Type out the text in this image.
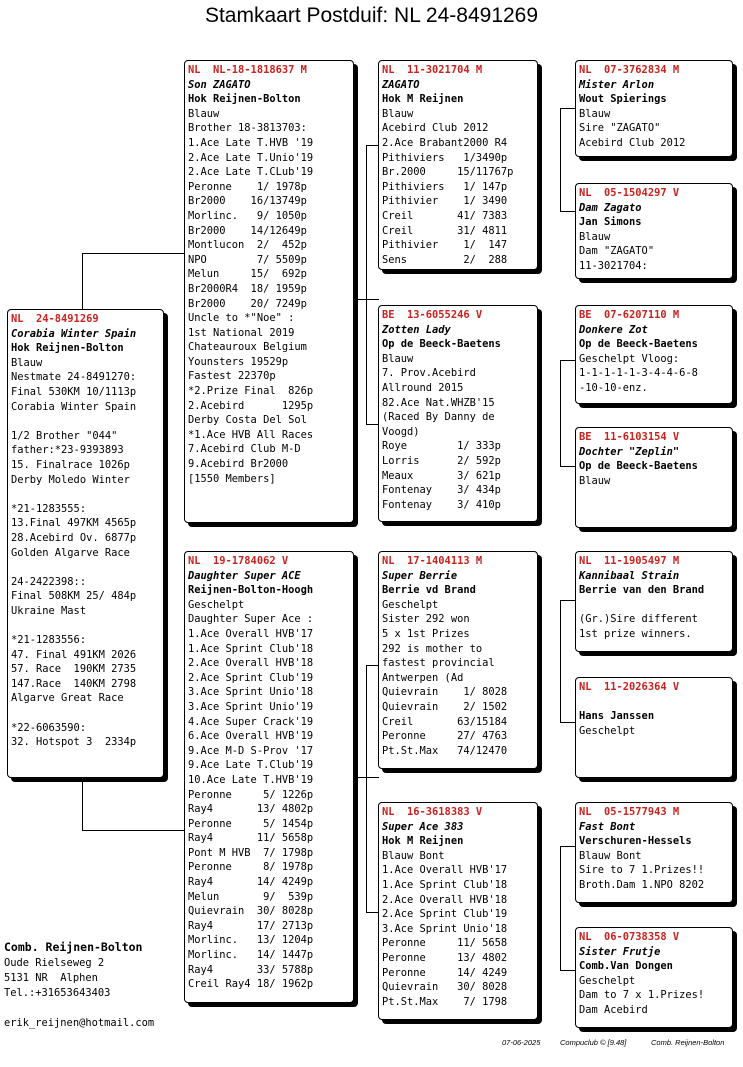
Stamkaart Postduif: NL 24-8491269
NL  24-8491269
Corabia Winter Spain
Hok Reijnen-Bolton
Blauw
Nestmate 24-8491270:
Final 530KM 10/1113p
Corabia Winter Spain

1/2 Brother "044"
father:*23-9393893
15. Finalrace 1026p
Derby Moledo Winter

*21-1283555:
13.Final 497KM 4565p
28.Acebird Ov. 6877p
Golden Algarve Race

24-2422398::
Final 508KM 25/ 484p
Ukraine Mast

*21-1283556:
47. Final 491KM 2026
57. Race  190KM 2735
147.Race  140KM 2798
Algarve Great Race

*22-6063590:
32. Hotspot 3  2334p
NL  NL-18-1818637 M
Son ZAGATO
Hok Reijnen-Bolton
Blauw
Brother 18-3813703:
1.Ace Late T.HVB '19
2.Ace Late T.Unio'19
2.Ace Late T.CLub'19
Peronne    1/ 1978p
Br2000    16/13749p
Morlinc.   9/ 1050p
Br2000    14/12649p
Montlucon  2/  452p
NPO        7/ 5509p
Melun     15/  692p
Br2000R4  18/ 1959p
Br2000    20/ 7249p
Uncle to *"Noe" :
1st National 2019
Chateauroux Belgium
Younsters 19529p
Fastest 22370p
*2.Prize Final  826p
2.Acebird      1295p
Derby Costa Del Sol
*1.Ace HVB All Races
7.Acebird Club M-D
9.Acebird Br2000
[1550 Members]
NL  19-1784062 V
Daughter Super ACE
Reijnen-Bolton-Hoogh
Geschelpt
Daughter Super Ace :
1.Ace Overall HVB'17
1.Ace Sprint Club'18
2.Ace Overall HVB'18
2.Ace Sprint Club'19
3.Ace Sprint Unio'18
3.Ace Sprint Unio'19
4.Ace Super Crack'19
6.Ace Overall HVB'19
9.Ace M-D S-Prov '17
9.Ace Late T.Club'19
10.Ace Late T.HVB'19
Peronne     5/ 1226p
Ray4       13/ 4802p
Peronne     5/ 1454p
Ray4       11/ 5658p
Pont M HVB  7/ 1798p
Peronne     8/ 1978p
Ray4       14/ 4249p
Melun       9/  539p
Quievrain  30/ 8028p
Ray4       17/ 2713p
Morlinc.   13/ 1204p
Morlinc.   14/ 1447p
Ray4       33/ 5788p
Creil Ray4 18/ 1962p
NL  11-3021704 M
ZAGATO
Hok M Reijnen
Blauw
Acebird Club 2012
2.Ace Brabant2000 R4
Pithiviers   1/3490p
Br.2000     15/11767p
Pithiviers   1/ 147p
Pithivier    1/ 3490
Creil       41/ 7383
Creil       31/ 4811
Pithivier    1/  147
Sens         2/  288
BE  13-6055246 V
Zotten Lady
Op de Beeck-Baetens
Blauw
7. Prov.Acebird
Allround 2015
82.Ace Nat.WHZB'15
(Raced By Danny de
Voogd)
Roye        1/ 333p
Lorris      2/ 592p
Meaux       3/ 621p
Fontenay    3/ 434p
Fontenay    3/ 410p
NL  17-1404113 M
Super Berrie
Berrie vd Brand
Geschelpt
Sister 292 won
5 x 1st Prizes
292 is mother to
fastest provincial
Antwerpen (Ad
Quievrain    1/ 8028
Quievrain    2/ 1502
Creil       63/15184
Peronne     27/ 4763
Pt.St.Max   74/12470
NL  16-3618383 V
Super Ace 383
Hok M Reijnen
Blauw Bont
1.Ace Overall HVB'17
1.Ace Sprint Club'18
2.Ace Overall HVB'18
2.Ace Sprint Club'19
3.Ace Sprint Unio'18
Peronne     11/ 5658
Peronne     13/ 4802
Peronne     14/ 4249
Quievrain   30/ 8028
Pt.St.Max    7/ 1798
NL  07-3762834 M
Mister Arlon
Wout Spierings
Blauw
Sire "ZAGATO"
Acebird Club 2012
NL  05-1504297 V
Dam Zagato
Jan Simons
Blauw
Dam "ZAGATO"
11-3021704:
BE  07-6207110 M
Donkere Zot
Op de Beeck-Baetens
Geschelpt Vloog:
1-1-1-1-1-3-4-4-6-8
-10-10-enz.
BE  11-6103154 V
Dochter "Zeplin"
Op de Beeck-Baetens
Blauw
NL  11-1905497 M
Kannibaal Strain
Berrie van den Brand

(Gr.)Sire different
1st prize winners.
NL  11-2026364 V

Hans Janssen
Geschelpt
NL  05-1577943 M
Fast Bont
Verschuren-Hessels
Blauw Bont
Sire to 7 1.Prizes!!
Broth.Dam 1.NPO 8202
NL  06-0738358 V
Sister Frutje
Comb.Van Dongen
Geschelpt
Dam to 7 x 1.Prizes!
Dam Acebird
Comb. Reijnen-Bolton
Oude Rielseweg 2
5131 NR  Alphen
Tel.:+31653643403

erik_reijnen@hotmail.com
07-06-2025	Compuclub © [9.48]	Comb. Reijnen-Bolton
